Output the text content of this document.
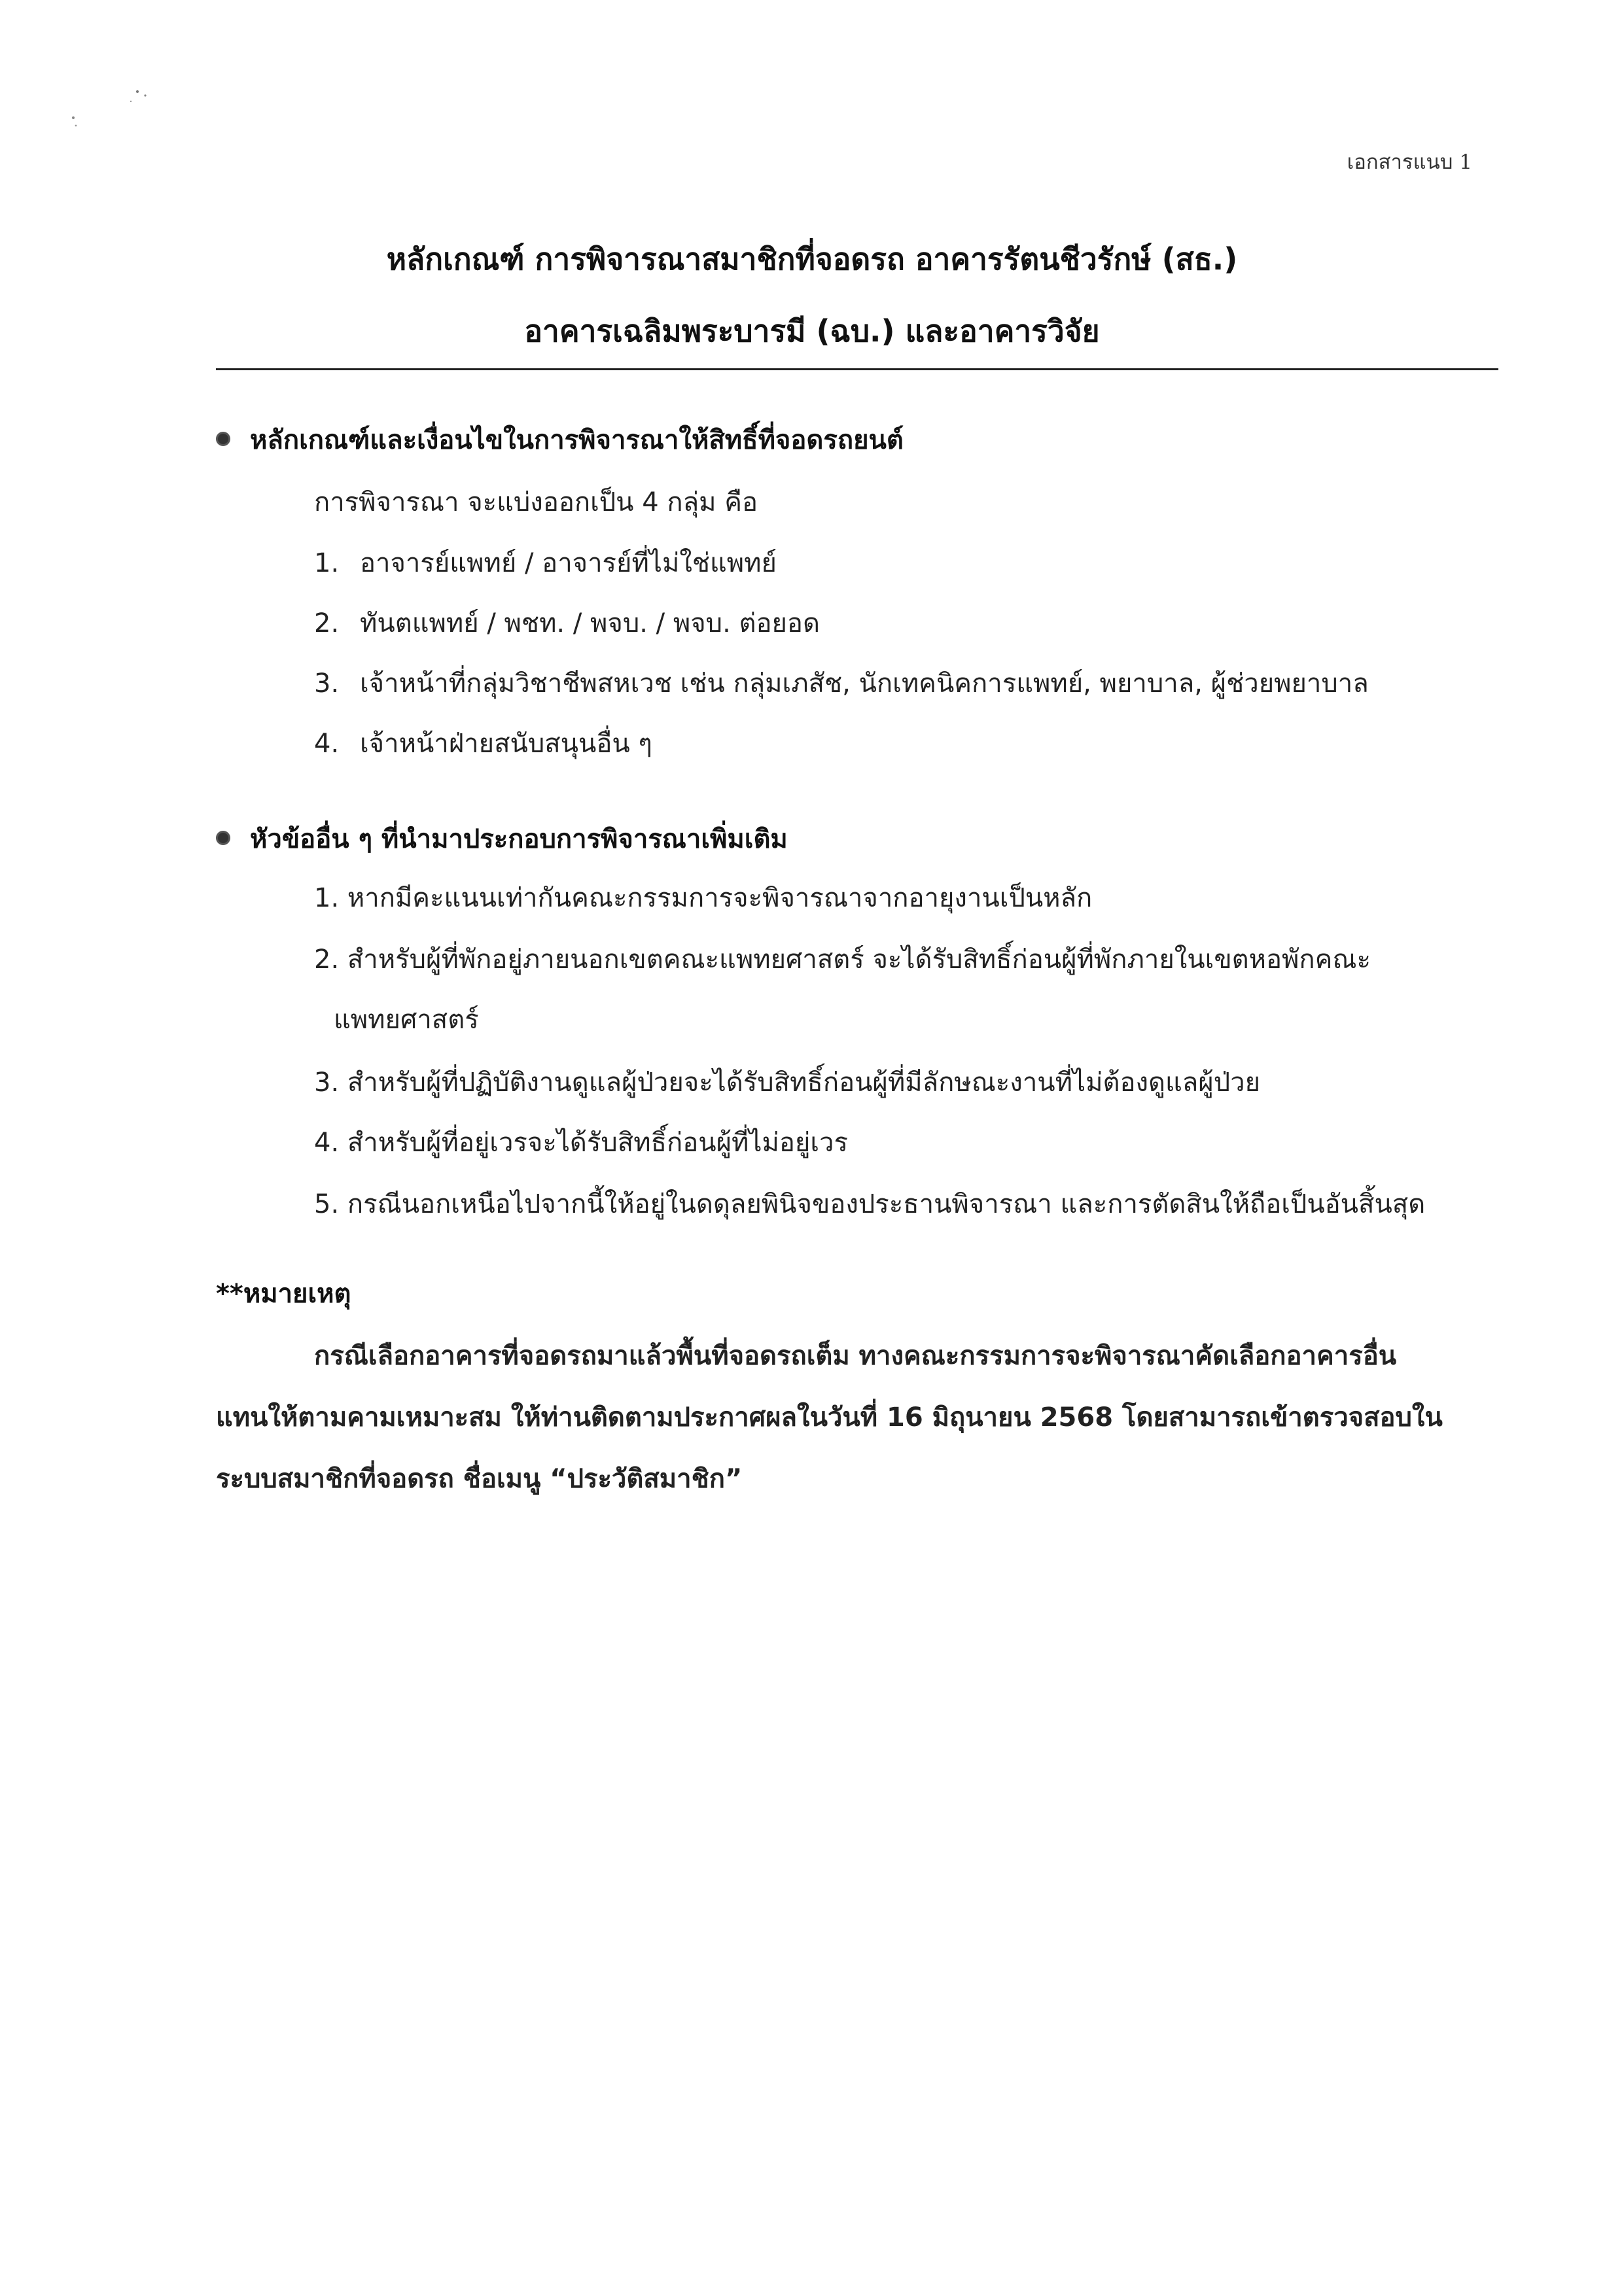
เอกสารแนบ 1
หลักเกณฑ์ การพิจารณาสมาชิกที่จอดรถ อาคารรัตนชีวรักษ์ (สธ.)
อาคารเฉลิมพระบารมี (ฉบ.) และอาคารวิจัย
หลักเกณฑ์และเงื่อนไขในการพิจารณาให้สิทธิ์ที่จอดรถยนต์
การพิจารณา จะแบ่งออกเป็น 4 กลุ่ม คือ
1. อาจารย์แพทย์ / อาจารย์ที่ไม่ใช่แพทย์
2. ทันตแพทย์ / พชท. / พจบ. / พจบ. ต่อยอด
3. เจ้าหน้าที่กลุ่มวิชาชีพสหเวช เช่น กลุ่มเภสัช, นักเทคนิคการแพทย์, พยาบาล, ผู้ช่วยพยาบาล
4. เจ้าหน้าฝ่ายสนับสนุนอื่น ๆ
หัวข้ออื่น ๆ ที่นำมาประกอบการพิจารณาเพิ่มเติม
1. หากมีคะแนนเท่ากันคณะกรรมการจะพิจารณาจากอายุงานเป็นหลัก
2. สำหรับผู้ที่พักอยู่ภายนอกเขตคณะแพทยศาสตร์ จะได้รับสิทธิ์ก่อนผู้ที่พักภายในเขตหอพักคณะ
แพทยศาสตร์
3. สำหรับผู้ที่ปฏิบัติงานดูแลผู้ป่วยจะได้รับสิทธิ์ก่อนผู้ที่มีลักษณะงานที่ไม่ต้องดูแลผู้ป่วย
4. สำหรับผู้ที่อยู่เวรจะได้รับสิทธิ์ก่อนผู้ที่ไม่อยู่เวร
5. กรณีนอกเหนือไปจากนี้ให้อยู่ในดดุลยพินิจของประธานพิจารณา และการตัดสินให้ถือเป็นอันสิ้นสุด
**หมายเหตุ
กรณีเลือกอาคารที่จอดรถมาแล้วพื้นที่จอดรถเต็ม ทางคณะกรรมการจะพิจารณาคัดเลือกอาคารอื่น
แทนให้ตามคามเหมาะสม ให้ท่านติดตามประกาศผลในวันที่ 16 มิถุนายน 2568 โดยสามารถเข้าตรวจสอบใน
ระบบสมาชิกที่จอดรถ ชื่อเมนู “ประวัติสมาชิก”
